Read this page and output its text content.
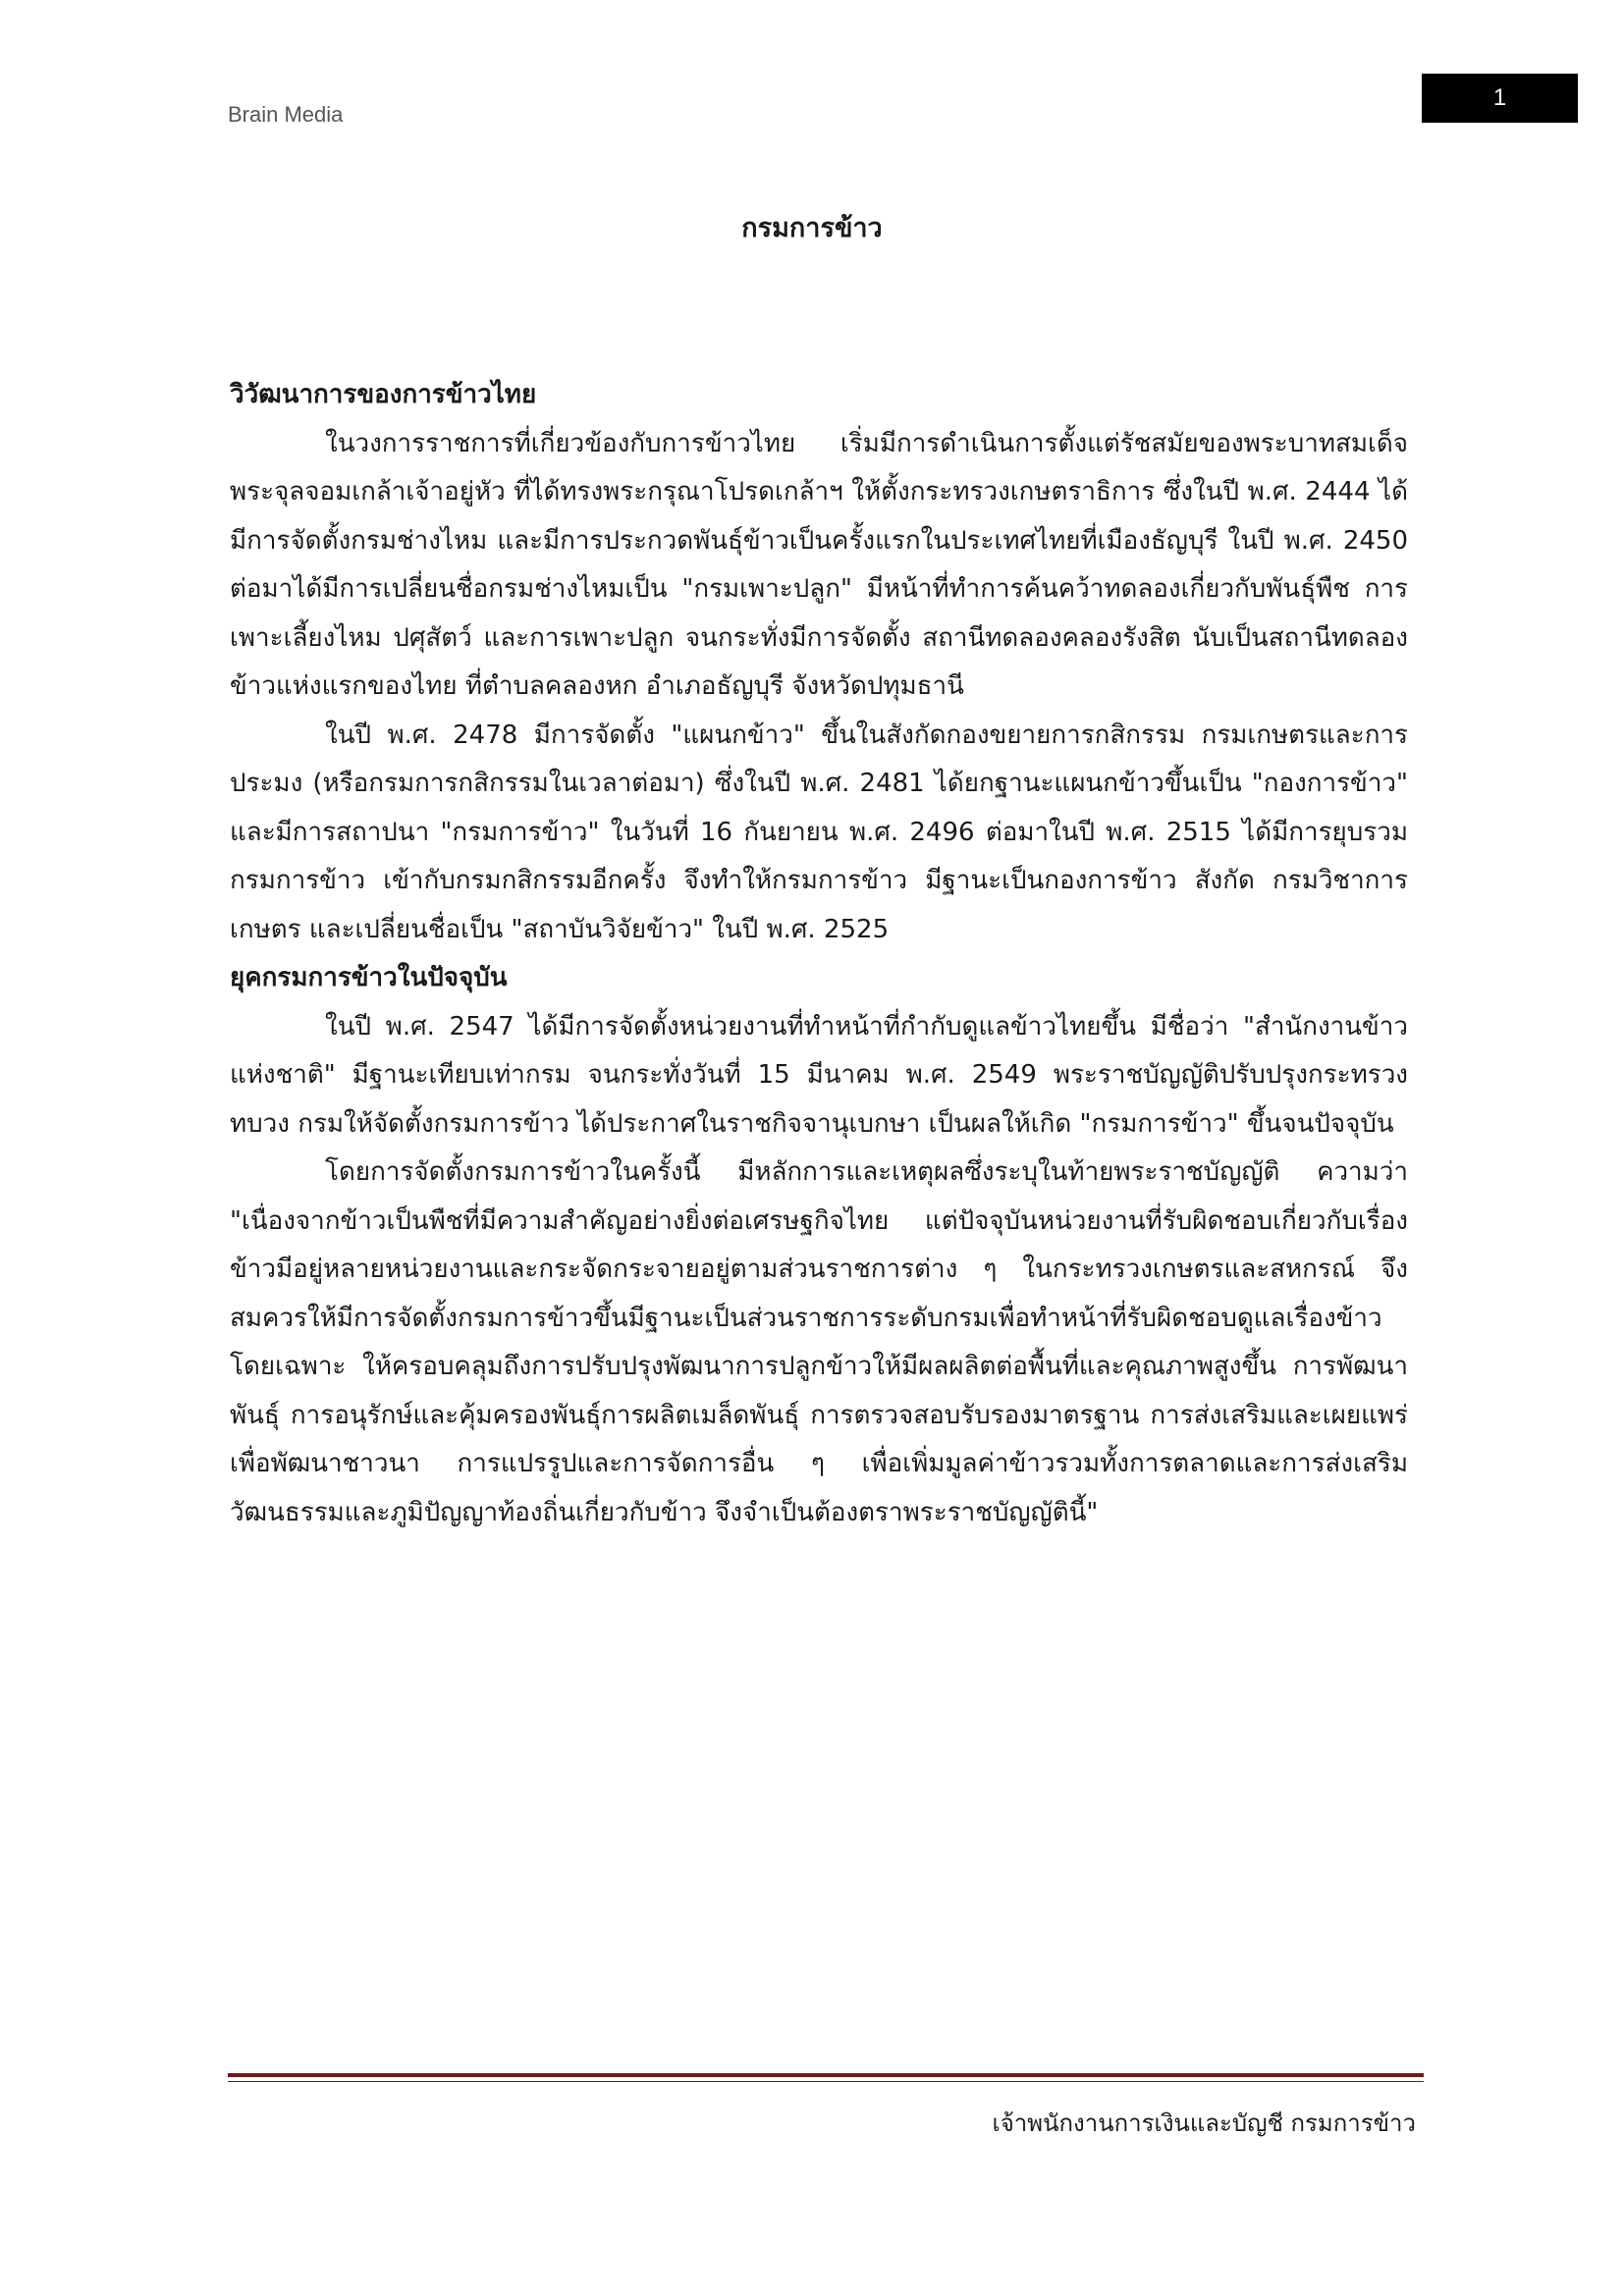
Brain Media
1
กรมการข้าว

วิวัฒนาการของการข้าวไทย

ในวงการราชการที่เกี่ยวข้องกับการข้าวไทย เริ่มมีการดำเนินการตั้งแต่รัชสมัยของพระบาทสมเด็จพระจุลจอมเกล้าเจ้าอยู่หัว ที่ได้ทรงพระกรุณาโปรดเกล้าฯ ให้ตั้งกระทรวงเกษตราธิการ ซึ่งในปี พ.ศ. 2444 ได้มีการจัดตั้งกรมช่างไหม และมีการประกวดพันธุ์ข้าวเป็นครั้งแรกในประเทศไทยที่เมืองธัญบุรี ในปี พ.ศ. 2450 ต่อมาได้มีการเปลี่ยนชื่อกรมช่างไหมเป็น "กรมเพาะปลูก" มีหน้าที่ทำการค้นคว้าทดลองเกี่ยวกับพันธุ์พืช การเพาะเลี้ยงไหม ปศุสัตว์ และการเพาะปลูก จนกระทั่งมีการจัดตั้ง สถานีทดลองคลองรังสิต นับเป็นสถานีทดลองข้าวแห่งแรกของไทย ที่ตำบลคลองหก อำเภอธัญบุรี จังหวัดปทุมธานี

ในปี พ.ศ. 2478 มีการจัดตั้ง "แผนกข้าว" ขึ้นในสังกัดกองขยายการกสิกรรม กรมเกษตรและการประมง (หรือกรมการกสิกรรมในเวลาต่อมา) ซึ่งในปี พ.ศ. 2481 ได้ยกฐานะแผนกข้าวขึ้นเป็น "กองการข้าว" และมีการสถาปนา "กรมการข้าว" ในวันที่ 16 กันยายน พ.ศ. 2496 ต่อมาในปี พ.ศ. 2515 ได้มีการยุบรวมกรมการข้าว เข้ากับกรมกสิกรรมอีกครั้ง จึงทำให้กรมการข้าว มีฐานะเป็นกองการข้าว สังกัด กรมวิชาการเกษตร และเปลี่ยนชื่อเป็น "สถาบันวิจัยข้าว" ในปี พ.ศ. 2525

ยุคกรมการข้าวในปัจจุบัน

ในปี พ.ศ. 2547 ได้มีการจัดตั้งหน่วยงานที่ทำหน้าที่กำกับดูแลข้าวไทยขึ้น มีชื่อว่า "สำนักงานข้าวแห่งชาติ" มีฐานะเทียบเท่ากรม จนกระทั่งวันที่ 15 มีนาคม พ.ศ. 2549 พระราชบัญญัติปรับปรุงกระทรวงทบวง กรมให้จัดตั้งกรมการข้าว ได้ประกาศในราชกิจจานุเบกษา เป็นผลให้เกิด "กรมการข้าว" ขึ้นจนปัจจุบัน

โดยการจัดตั้งกรมการข้าวในครั้งนี้ มีหลักการและเหตุผลซึ่งระบุในท้ายพระราชบัญญัติ ความว่า "เนื่องจากข้าวเป็นพืชที่มีความสำคัญอย่างยิ่งต่อเศรษฐกิจไทย แต่ปัจจุบันหน่วยงานที่รับผิดชอบเกี่ยวกับเรื่องข้าวมีอยู่หลายหน่วยงานและกระจัดกระจายอยู่ตามส่วนราชการต่าง ๆ ในกระทรวงเกษตรและสหกรณ์ จึงสมควรให้มีการจัดตั้งกรมการข้าวขึ้นมีฐานะเป็นส่วนราชการระดับกรมเพื่อทำหน้าที่รับผิดชอบดูแลเรื่องข้าวโดยเฉพาะ ให้ครอบคลุมถึงการปรับปรุงพัฒนาการปลูกข้าวให้มีผลผลิตต่อพื้นที่และคุณภาพสูงขึ้น การพัฒนาพันธุ์ การอนุรักษ์และคุ้มครองพันธุ์การผลิตเมล็ดพันธุ์ การตรวจสอบรับรองมาตรฐาน การส่งเสริมและเผยแพร่เพื่อพัฒนาชาวนา การแปรรูปและการจัดการอื่น ๆ เพื่อเพิ่มมูลค่าข้าวรวมทั้งการตลาดและการส่งเสริมวัฒนธรรมและภูมิปัญญาท้องถิ่นเกี่ยวกับข้าว จึงจำเป็นต้องตราพระราชบัญญัตินี้"

เจ้าพนักงานการเงินและบัญชี กรมการข้าว
